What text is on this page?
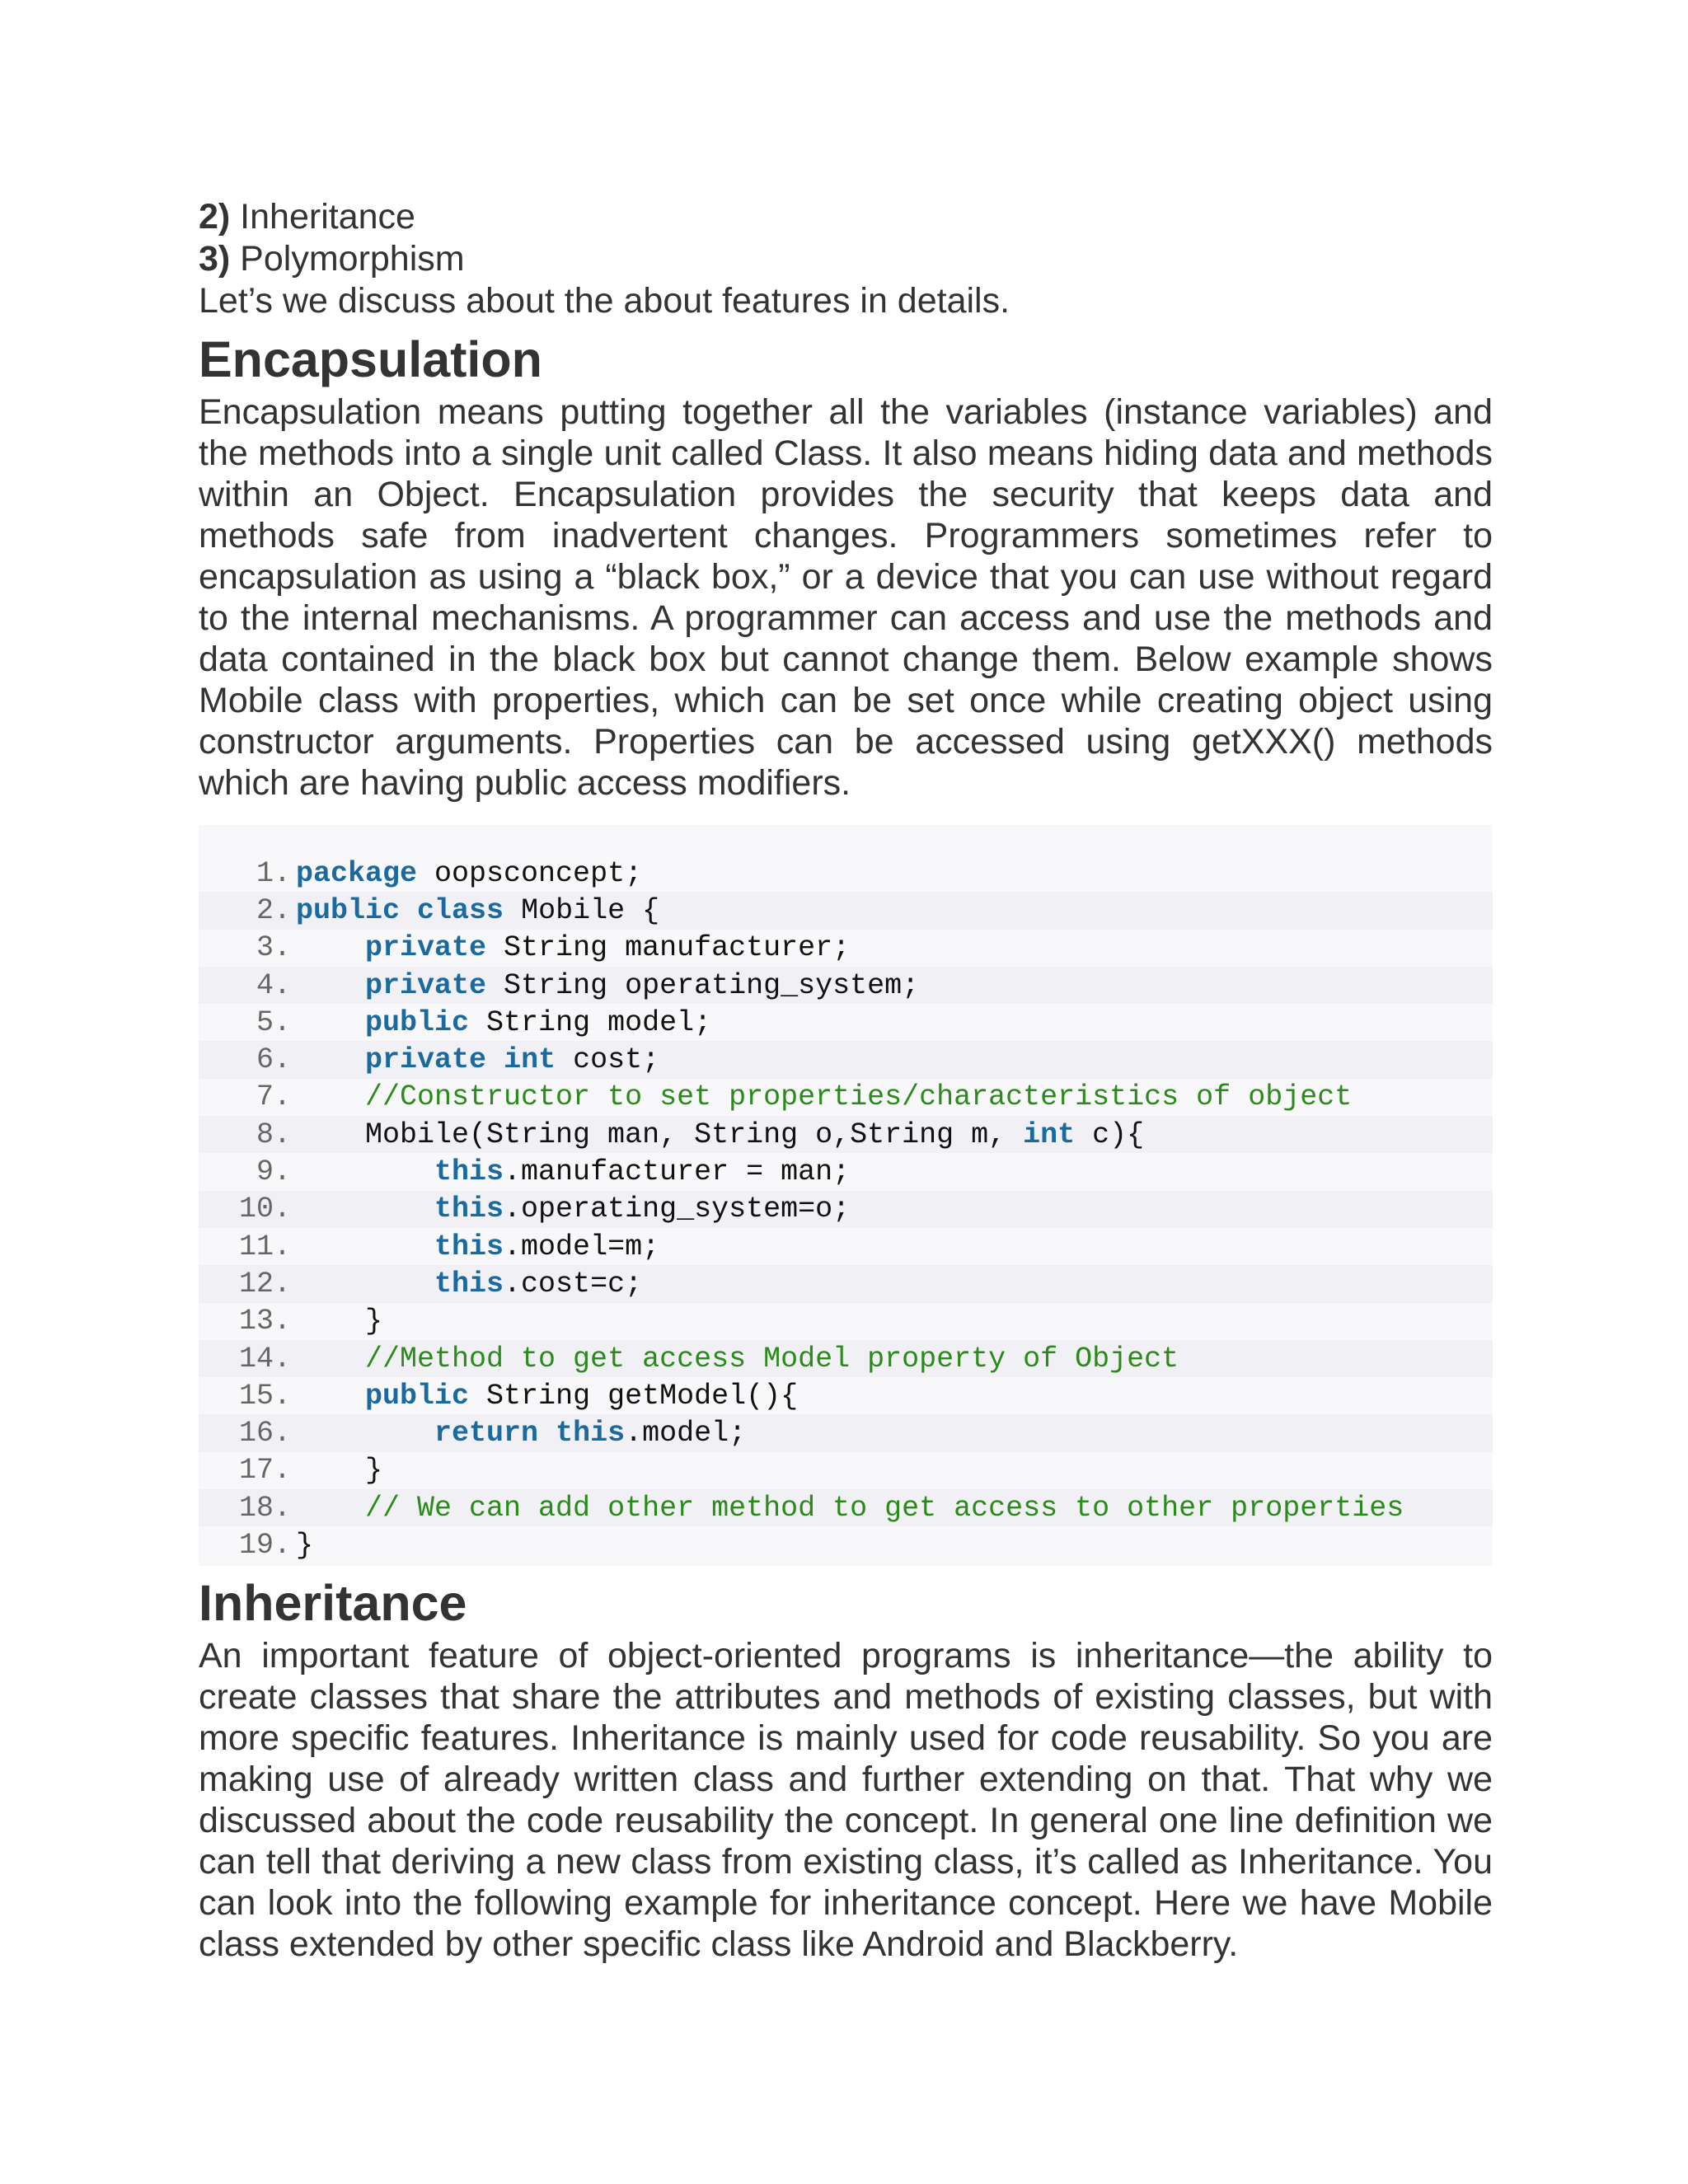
2) Inheritance
3) Polymorphism
Let’s we discuss about the about features in details.
Encapsulation
Encapsulation means putting together all the variables (instance variables) and the methods into a single unit called Class. It also means hiding data and methods within an Object. Encapsulation provides the security that keeps data and methods safe from inadvertent changes. Programmers sometimes refer to encapsulation as using a “black box,” or a device that you can use without regard to the internal mechanisms. A programmer can access and use the methods and data contained in the black box but cannot change them. Below example shows Mobile class with properties, which can be set once while creating object using constructor arguments. Properties can be accessed using getXXX() methods which are having public access modifiers.
1. package oopsconcept;
2. public class Mobile {
3.	private String manufacturer;
4.	private String operating_system;
5.	public String model;
6.	private int cost;
7.	//Constructor to set properties/characteristics of object
8. Mobile(String man, String o,String m, int c){
9.	this.manufacturer = man;
10.	this.operating_system=o;
11.	this.model=m;
12.	this.cost=c;
13. }
14.	//Method to get access Model property of Object
15.	public String getModel(){
16.	return this.model;
17. }
18.	// We can add other method to get access to other properties
19. }
Inheritance
An important feature of object-oriented programs is inheritance—the ability to create classes that share the attributes and methods of existing classes, but with more specific features. Inheritance is mainly used for code reusability. So you are making use of already written class and further extending on that. That why we discussed about the code reusability the concept. In general one line definition we can tell that deriving a new class from existing class, it’s called as Inheritance. You can look into the following example for inheritance concept. Here we have Mobile class extended by other specific class like Android and Blackberry.
